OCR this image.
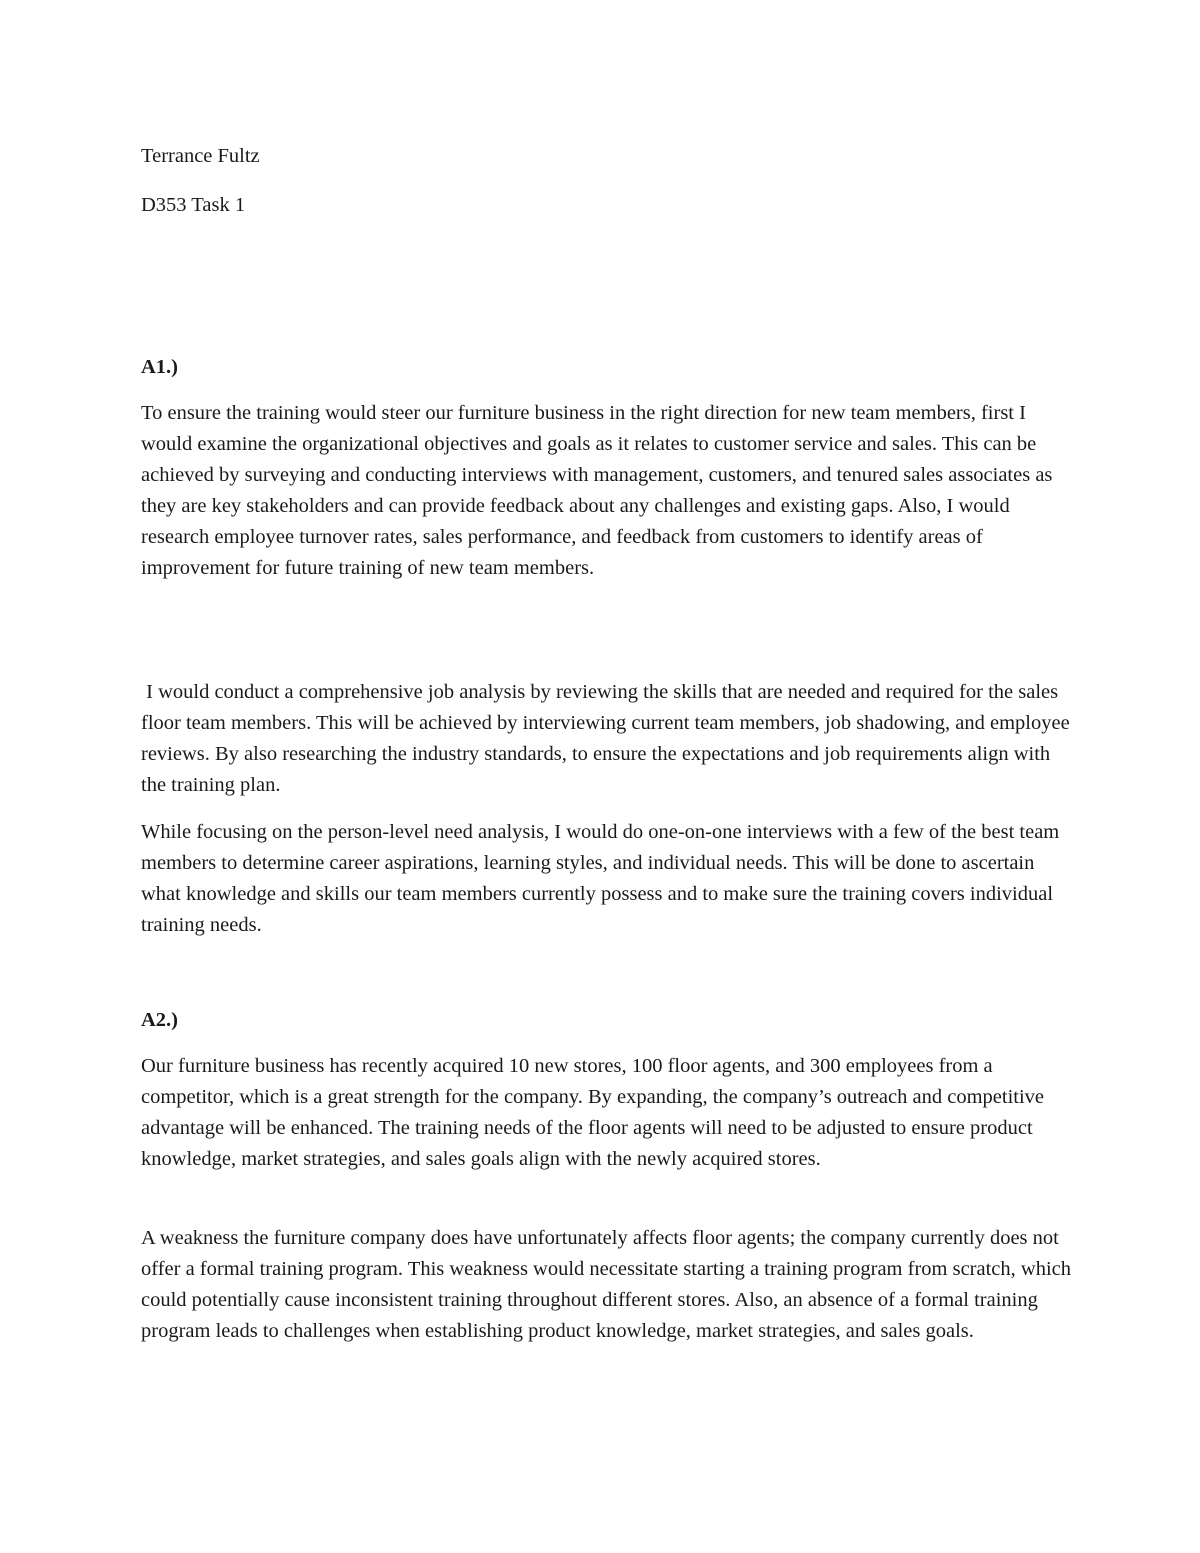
Terrance Fultz

D353 Task 1

A1.)

To ensure the training would steer our furniture business in the right direction for new team members, first I would examine the organizational objectives and goals as it relates to customer service and sales. This can be achieved by surveying and conducting interviews with management, customers, and tenured sales associates as they are key stakeholders and can provide feedback about any challenges and existing gaps. Also, I would research employee turnover rates, sales performance, and feedback from customers to identify areas of improvement for future training of new team members.

I would conduct a comprehensive job analysis by reviewing the skills that are needed and required for the sales floor team members. This will be achieved by interviewing current team members, job shadowing, and employee reviews. By also researching the industry standards, to ensure the expectations and job requirements align with the training plan.

While focusing on the person-level need analysis, I would do one-on-one interviews with a few of the best team members to determine career aspirations, learning styles, and individual needs. This will be done to ascertain what knowledge and skills our team members currently possess and to make sure the training covers individual training needs.

A2.)

Our furniture business has recently acquired 10 new stores, 100 floor agents, and 300 employees from a competitor, which is a great strength for the company. By expanding, the company’s outreach and competitive advantage will be enhanced. The training needs of the floor agents will need to be adjusted to ensure product knowledge, market strategies, and sales goals align with the newly acquired stores.

A weakness the furniture company does have unfortunately affects floor agents; the company currently does not offer a formal training program. This weakness would necessitate starting a training program from scratch, which could potentially cause inconsistent training throughout different stores. Also, an absence of a formal training program leads to challenges when establishing product knowledge, market strategies, and sales goals.
